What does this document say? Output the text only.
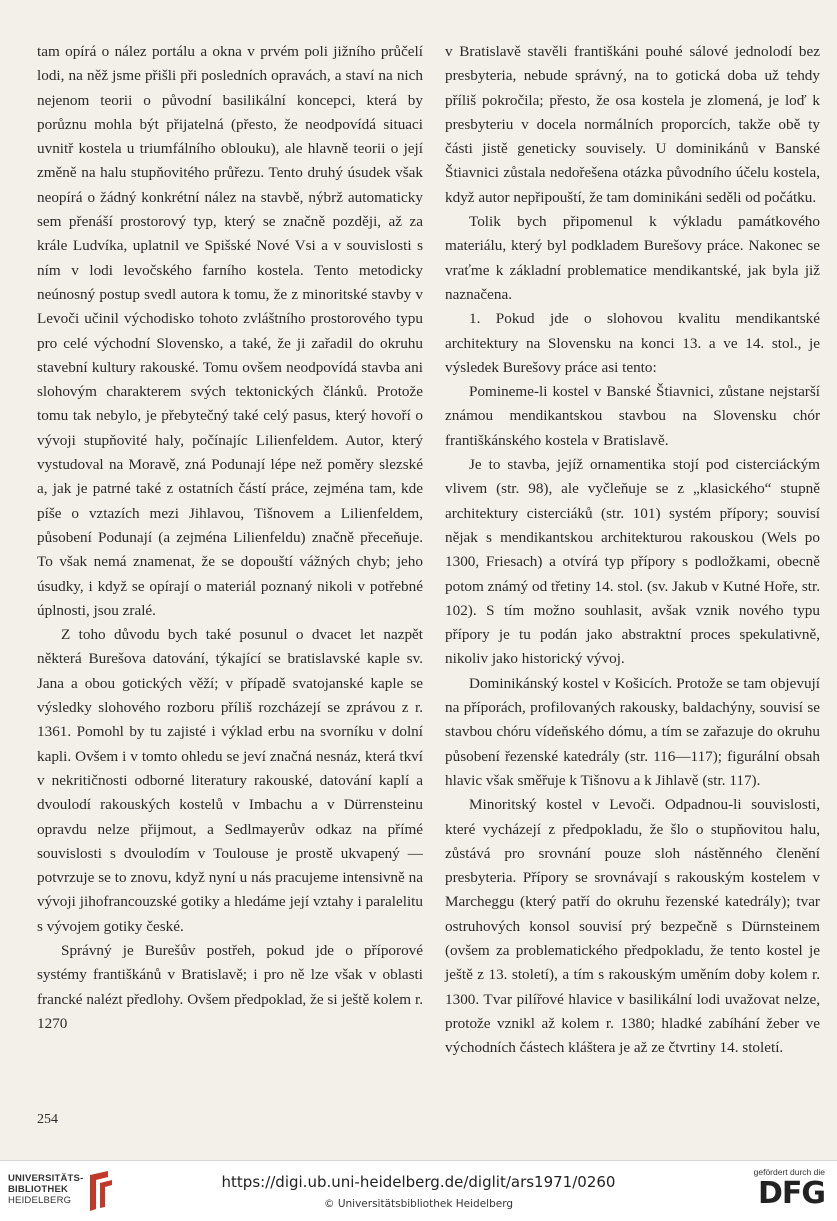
tam opírá o nález portálu a okna v prvém poli jižního průčelí lodi, na něž jsme přišli při posledních opravách, a staví na nich nejenom teorii o původní basilikální koncepci, která by porůznu mohla být přijatelná (přesto, že neodpovídá situaci uvnitř kostela u triumfálního oblouku), ale hlavně teorii o její změně na halu stupňovitého průřezu. Tento druhý úsudek však neopírá o žádný konkrétní nález na stavbě, nýbrž automaticky sem přenáší prostorový typ, který se značně později, až za krále Ludvíka, uplatnil ve Spišské Nové Vsi a v souvislosti s ním v lodi levočského farního kostela. Tento metodicky neúnosný postup svedl autora k tomu, že z minoritské stavby v Levoči učinil východisko tohoto zvláštního prostorového typu pro celé východní Slovensko, a také, že ji zařadil do okruhu stavební kultury rakouské. Tomu ovšem neodpovídá stavba ani slohovým charakterem svých tektonických článků. Protože tomu tak nebylo, je přebytečný také celý pasus, který hovoří o vývoji stupňovité haly, počínajíc Lilienfeldem. Autor, který vystudoval na Moravě, zná Podunají lépe než poměry slezské a, jak je patrné také z ostatních částí práce, zejména tam, kde píše o vztazích mezi Jihlavou, Tišnovem a Lilienfeldem, působení Podunají (a zejména Lilienfeldu) značně přeceňuje. To však nemá znamenat, že se dopouští vážných chyb; jeho úsudky, i když se opírají o materiál poznaný nikoli v potřebné úplnosti, jsou zralé.

Z toho důvodu bych také posunul o dvacet let nazpět některá Burešova datování, týkající se bratislavské kaple sv. Jana a obou gotických věží; v případě svatojanské kaple se výsledky slohového rozboru příliš rozcházejí se zprávou z r. 1361. Pomohl by tu zajisté i výklad erbu na svorníku v dolní kapli. Ovšem i v tomto ohledu se jeví značná nesnáz, která tkví v nekritičnosti odborné literatury rakouské, datování kaplí a dvoulodí rakouských kostelů v Imbachu a v Dürrensteinu opravdu nelze přijmout, a Sedlmayerův odkaz na přímé souvislosti s dvoulodím v Toulouse je prostě ukvapený — potvrzuje se to znovu, když nyní u nás pracujeme intensivně na vývoji jihofrancouzské gotiky a hledáme její vztahy i paralelitu s vývojem gotiky české.

Správný je Burešův postřeh, pokud jde o příporové systémy františkánů v Bratislavě; i pro ně lze však v oblasti francké nalézt předlohy. Ovšem předpoklad, že si ještě kolem r. 1270

v Bratislavě stavěli františkáni pouhé sálové jednolodí bez presbyteria, nebude správný, na to gotická doba už tehdy příliš pokročila; přesto, že osa kostela je zlomená, je loď k presbyteriu v docela normálních proporcích, takže obě ty části jistě geneticky souvisely. U dominikánů v Banské Štiavnici zůstala nedořešena otázka původního účelu kostela, když autor nepřipouští, že tam dominikáni seděli od počátku.

Tolik bych připomenul k výkladu památkového materiálu, který byl podkladem Burešovy práce. Nakonec se vraťme k základní problematice mendikantské, jak byla již naznačena.

1. Pokud jde o slohovou kvalitu mendikantské architektury na Slovensku na konci 13. a ve 14. stol., je výsledek Burešovy práce asi tento:

Pomineme-li kostel v Banské Štiavnici, zůstane nejstarší známou mendikantskou stavbou na Slovensku chór františkánského kostela v Bratislavě.

Je to stavba, jejíž ornamentika stojí pod cisterciáckým vlivem (str. 98), ale vyčleňuje se z „klasického“ stupně architektury cisterciáků (str. 101) systém přípory; souvisí nějak s mendikantskou architekturou rakouskou (Wels po 1300, Friesach) a otvírá typ přípory s podložkami, obecně potom známý od třetiny 14. stol. (sv. Jakub v Kutné Hoře, str. 102). S tím možno souhlasit, avšak vznik nového typu přípory je tu podán jako abstraktní proces spekulativně, nikoliv jako historický vývoj.

Dominikánský kostel v Košicích. Protože se tam objevují na příporách, profilovaných rakousky, baldachýny, souvisí se stavbou chóru vídeňského dómu, a tím se zařazuje do okruhu působení řezenské katedrály (str. 116—117); figurální obsah hlavic však směřuje k Tišnovu a k Jihlavě (str. 117).

Minoritský kostel v Levoči. Odpadnou-li souvislosti, které vycházejí z předpokladu, že šlo o stupňovitou halu, zůstává pro srovnání pouze sloh nástěnného členění presbyteria. Přípory se srovnávají s rakouským kostelem v Marcheggu (který patří do okruhu řezenské katedrály); tvar ostruhových konsol souvisí prý bezpečně s Dürnsteinem (ovšem za problematického předpokladu, že tento kostel je ještě z 13. století), a tím s rakouským uměním doby kolem r. 1300. Tvar pilířové hlavice v basilikální lodi uvažovat nelze, protože vznikl až kolem r. 1380; hladké zabíhání žeber ve východních částech kláštera je až ze čtvrtiny 14. století.

254
UNIVERSITÄTS-
BIBLIOTHEK
HEIDELBERG
https://digi.ub.uni-heidelberg.de/diglit/ars1971/0260
© Universitätsbibliothek Heidelberg
gefördert durch die
DFG
